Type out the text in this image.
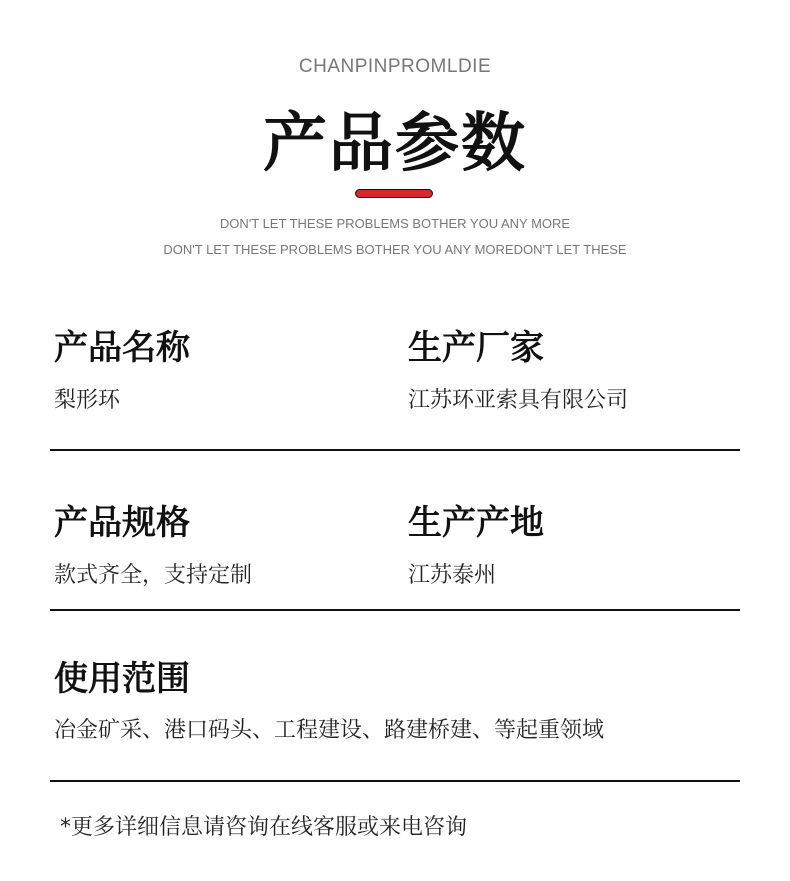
CHANPINPROMLDIE
产品参数
DON'T LET THESE PROBLEMS BOTHER YOU ANY MORE
DON'T LET THESE PROBLEMS BOTHER YOU ANY MOREDON'T LET THESE
产品名称
梨形环
生产厂家
江苏环亚索具有限公司
产品规格
款式齐全，支持定制
生产产地
江苏泰州
使用范围
冶金矿采、港口码头、工程建设、路建桥建、等起重领域
*更多详细信息请咨询在线客服或来电咨询
